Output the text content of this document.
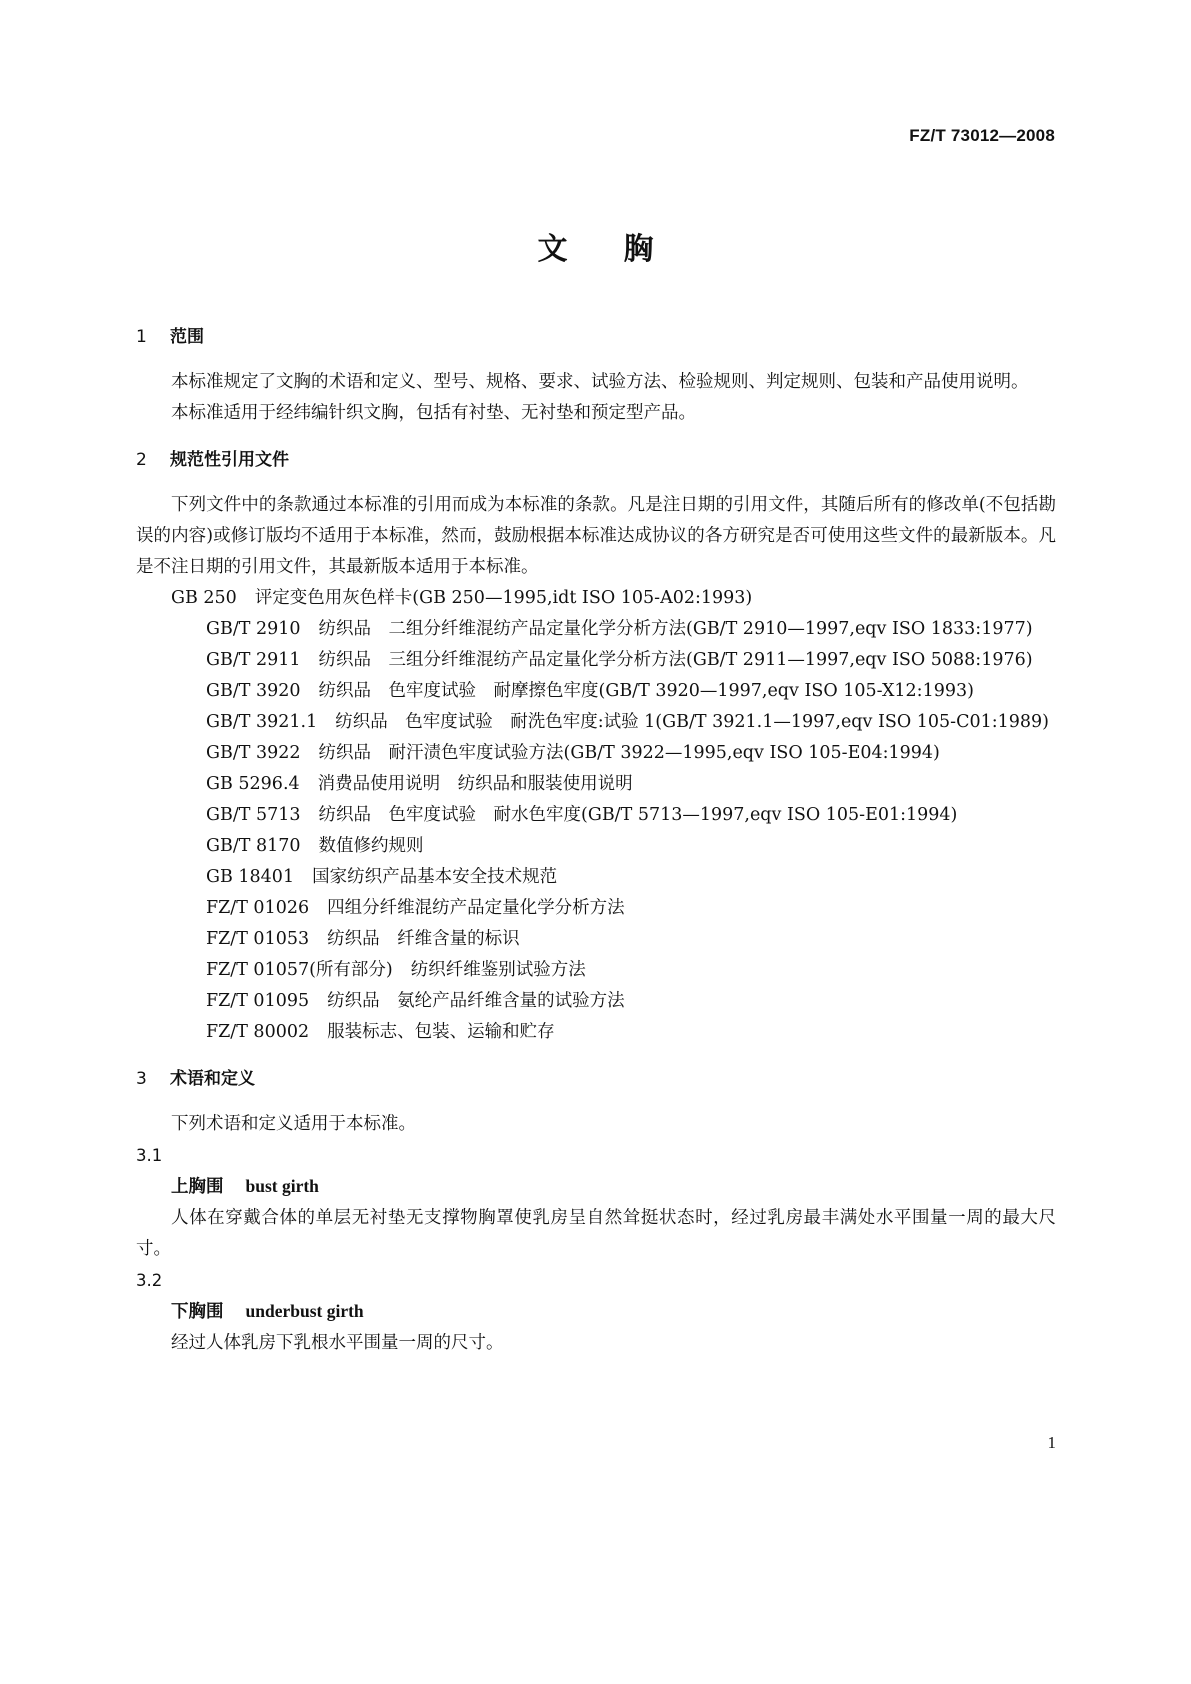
FZ/T 73012—2008
文胸
1 范围

本标准规定了文胸的术语和定义、型号、规格、要求、试验方法、检验规则、判定规则、包装和产品使用说明。

本标准适用于经纬编针织文胸，包括有衬垫、无衬垫和预定型产品。

2 规范性引用文件

下列文件中的条款通过本标准的引用而成为本标准的条款。凡是注日期的引用文件，其随后所有的修改单(不包括勘误的内容)或修订版均不适用于本标准，然而，鼓励根据本标准达成协议的各方研究是否可使用这些文件的最新版本。凡是不注日期的引用文件，其最新版本适用于本标准。

GB 250 评定变色用灰色样卡(GB 250—1995,idt ISO 105-A02:1993)

GB/T 2910 纺织品　二组分纤维混纺产品定量化学分析方法(GB/T 2910—1997,eqv ISO 1833:1977)

GB/T 2911 纺织品　三组分纤维混纺产品定量化学分析方法(GB/T 2911—1997,eqv ISO 5088:1976)

GB/T 3920 纺织品　色牢度试验　耐摩擦色牢度(GB/T 3920—1997,eqv ISO 105-X12:1993)

GB/T 3921.1 纺织品　色牢度试验　耐洗色牢度:试验 1(GB/T 3921.1—1997,eqv ISO 105-C01:1989)

GB/T 3922 纺织品　耐汗渍色牢度试验方法(GB/T 3922—1995,eqv ISO 105-E04:1994)

GB 5296.4 消费品使用说明　纺织品和服装使用说明

GB/T 5713 纺织品　色牢度试验　耐水色牢度(GB/T 5713—1997,eqv ISO 105-E01:1994)

GB/T 8170 数值修约规则

GB 18401 国家纺织产品基本安全技术规范

FZ/T 01026 四组分纤维混纺产品定量化学分析方法

FZ/T 01053 纺织品　纤维含量的标识

FZ/T 01057(所有部分) 纺织纤维鉴别试验方法

FZ/T 01095 纺织品　氨纶产品纤维含量的试验方法

FZ/T 80002 服装标志、包装、运输和贮存

3 术语和定义

下列术语和定义适用于本标准。

3.1
上胸围 bust girth

人体在穿戴合体的单层无衬垫无支撑物胸罩使乳房呈自然耸挺状态时，经过乳房最丰满处水平围量一周的最大尺寸。

3.2
下胸围 underbust girth

经过人体乳房下乳根水平围量一周的尺寸。

1
